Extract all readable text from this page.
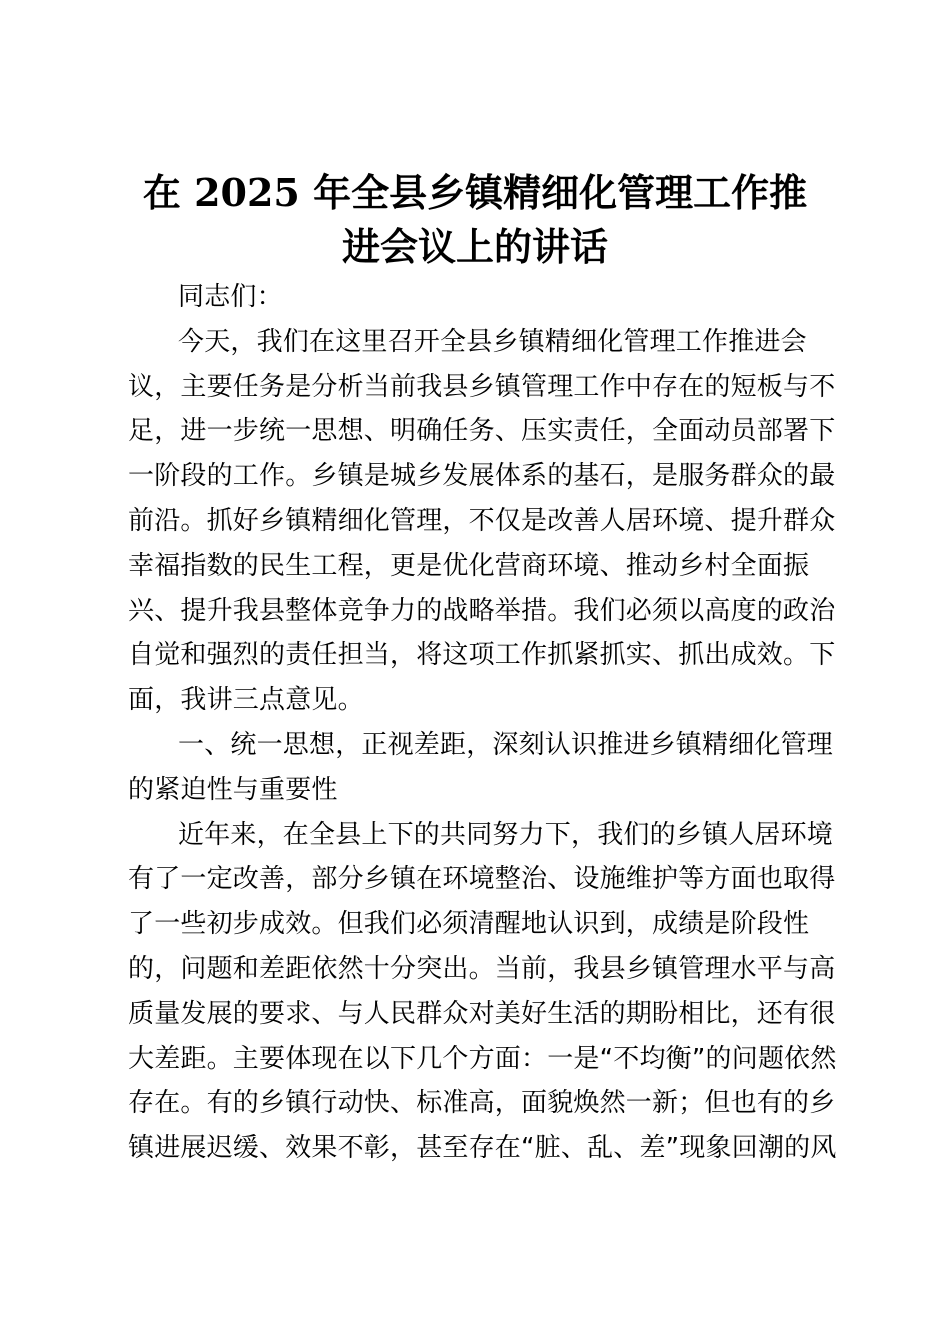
在 2025 年全县乡镇精细化管理工作推
进会议上的讲话
同志们：
今天，我们在这里召开全县乡镇精细化管理工作推进会
议，主要任务是分析当前我县乡镇管理工作中存在的短板与不
足，进一步统一思想、明确任务、压实责任，全面动员部署下
一阶段的工作。乡镇是城乡发展体系的基石，是服务群众的最
前沿。抓好乡镇精细化管理，不仅是改善人居环境、提升群众
幸福指数的民生工程，更是优化营商环境、推动乡村全面振
兴、提升我县整体竞争力的战略举措。我们必须以高度的政治
自觉和强烈的责任担当，将这项工作抓紧抓实、抓出成效。下
面，我讲三点意见。
一、统一思想，正视差距，深刻认识推进乡镇精细化管理
的紧迫性与重要性
近年来，在全县上下的共同努力下，我们的乡镇人居环境
有了一定改善，部分乡镇在环境整治、设施维护等方面也取得
了一些初步成效。但我们必须清醒地认识到，成绩是阶段性
的，问题和差距依然十分突出。当前，我县乡镇管理水平与高
质量发展的要求、与人民群众对美好生活的期盼相比，还有很
大差距。主要体现在以下几个方面：一是“不均衡”的问题依然
存在。有的乡镇行动快、标准高，面貌焕然一新；但也有的乡
镇进展迟缓、效果不彰，甚至存在“脏、乱、差”现象回潮的风
